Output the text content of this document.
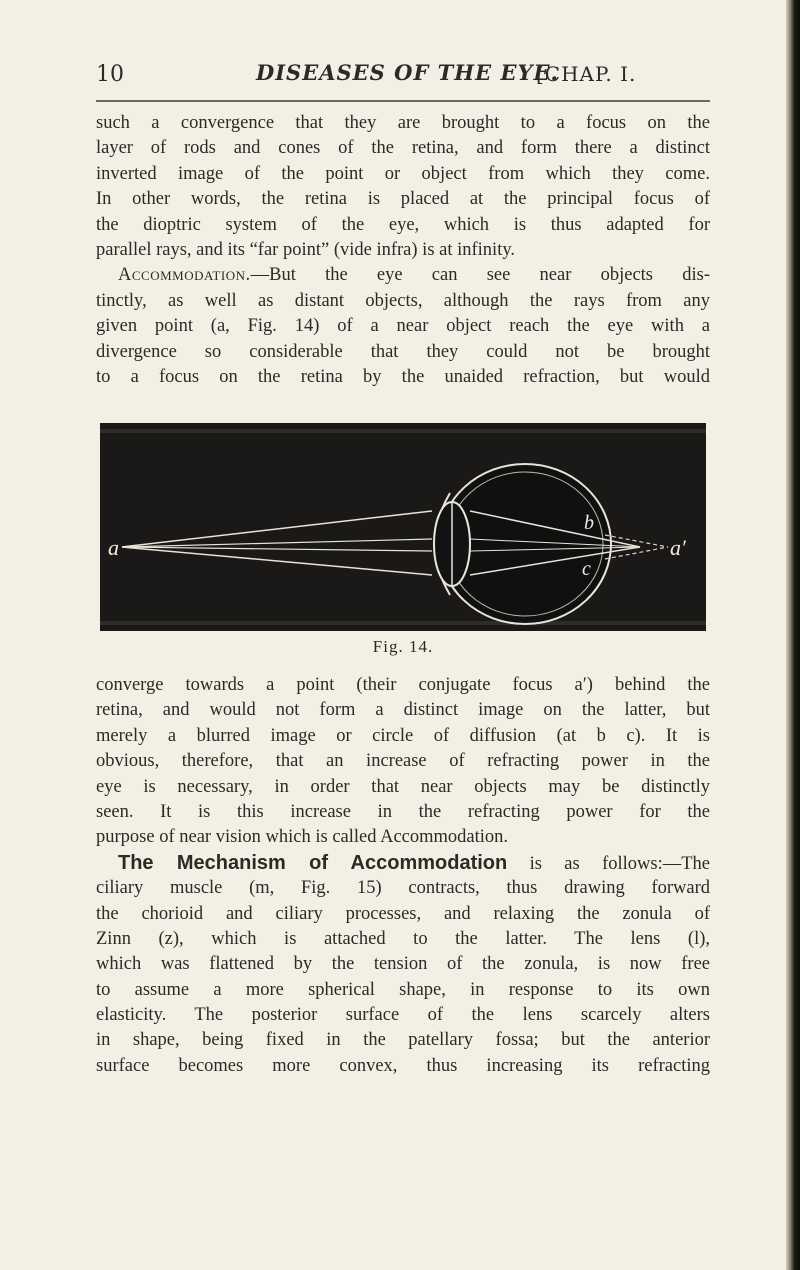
10	DISEASES OF THE EYE.
[CHAP. I.
such a convergence that they are brought to a focus on the
layer of rods and cones of the retina, and form there a distinct
inverted image of the point or object from which they come.
In other words, the retina is placed at the principal focus of
the dioptric system of the eye, which is thus adapted for
parallel rays, and its “far point” (vide infra) is at infinity.
Accommodation.—But the eye can see near objects dis-
tinctly, as well as distant objects, although the rays from any
given point (a, Fig. 14) of a near object reach the eye with a
divergence so considerable that they could not be brought
to a focus on the retina by the unaided refraction, but would
a
b
c
a′
Fig. 14.
converge towards a point (their conjugate focus a′) behind the
retina, and would not form a distinct image on the latter, but
merely a blurred image or circle of diffusion (at b c). It is
obvious, therefore, that an increase of refracting power in the
eye is necessary, in order that near objects may be distinctly
seen. It is this increase in the refracting power for the
purpose of near vision which is called Accommodation.
The Mechanism of Accommodation is as follows:—The
ciliary muscle (m, Fig. 15) contracts, thus drawing forward
the chorioid and ciliary processes, and relaxing the zonula of
Zinn (z), which is attached to the latter. The lens (l),
which was flattened by the tension of the zonula, is now free
to assume a more spherical shape, in response to its own
elasticity. The posterior surface of the lens scarcely alters
in shape, being fixed in the patellary fossa; but the anterior
surface becomes more convex, thus increasing its refracting
